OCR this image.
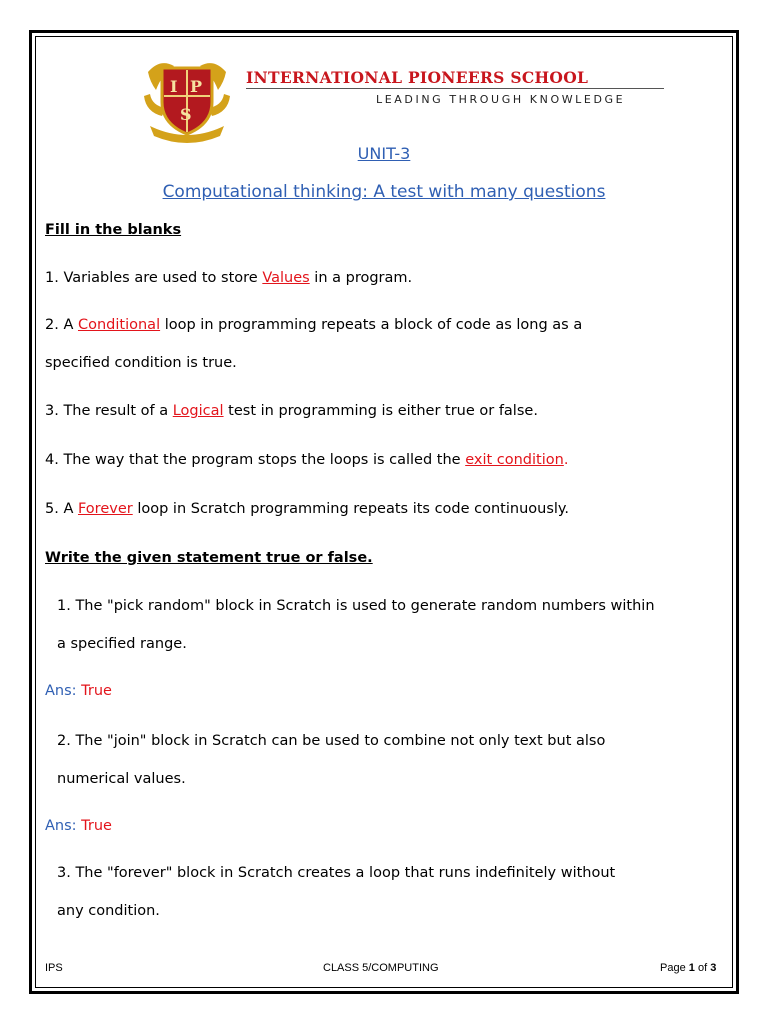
I P
S
INTERNATIONAL PIONEERS SCHOOL
LEADING THROUGH KNOWLEDGE
UNIT-3
Computational thinking: A test with many questions
Fill in the blanks
1. Variables are used to store Values in a program.
2. A Conditional loop in programming repeats a block of code as long as a
specified condition is true.
3. The result of a Logical test in programming is either true or false.
4. The way that the program stops the loops is called the exit condition.
5. A Forever loop in Scratch programming repeats its code continuously.
Write the given statement true or false.
1. The "pick random" block in Scratch is used to generate random numbers within
a specified range.
Ans: True
2. The "join" block in Scratch can be used to combine not only text but also
numerical values.
Ans: True
3. The "forever" block in Scratch creates a loop that runs indefinitely without
any condition.
IPS	CLASS 5/COMPUTING	Page 1 of 3
